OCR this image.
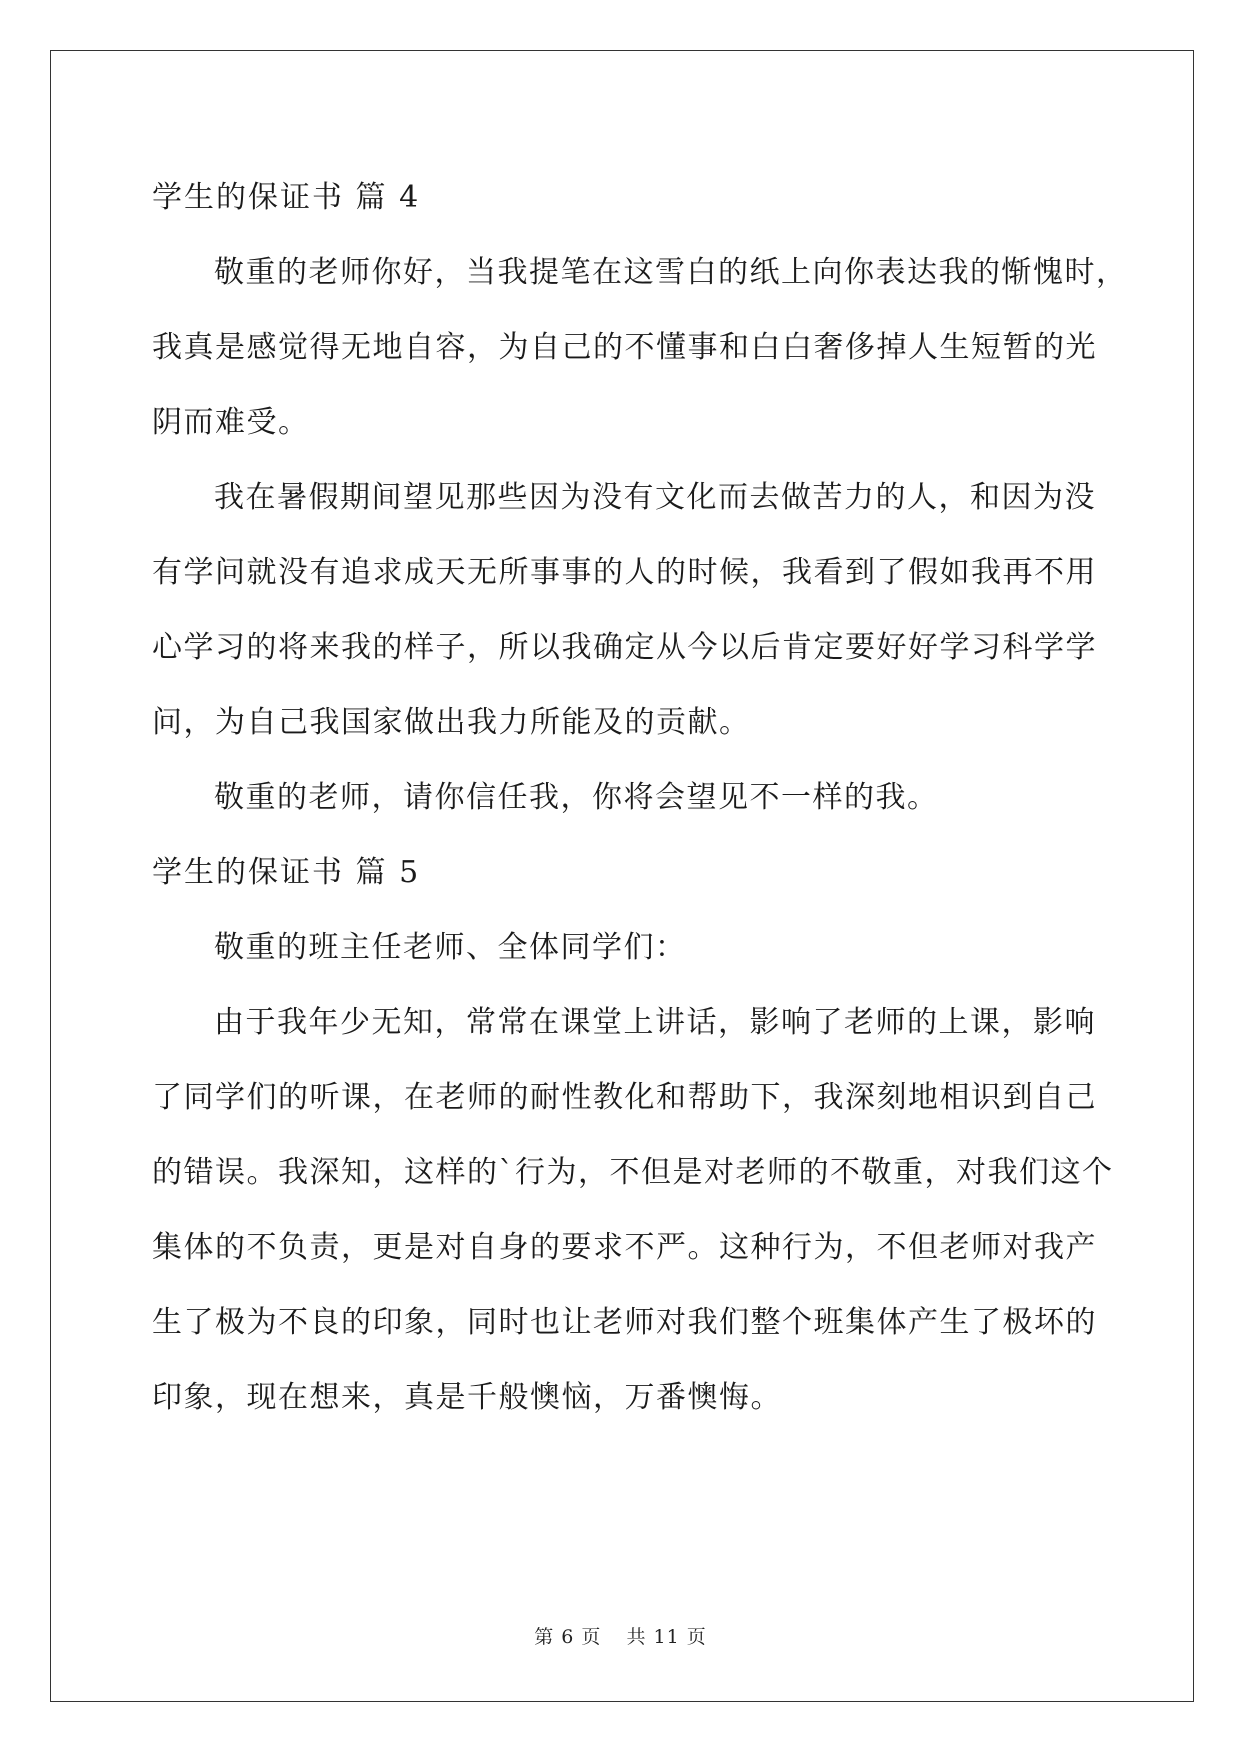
学生的保证书 篇 4
敬重的老师你好，当我提笔在这雪白的纸上向你表达我的惭愧时，
我真是感觉得无地自容，为自己的不懂事和白白奢侈掉人生短暂的光
阴而难受。
我在暑假期间望见那些因为没有文化而去做苦力的人，和因为没
有学问就没有追求成天无所事事的人的时候，我看到了假如我再不用
心学习的将来我的样子，所以我确定从今以后肯定要好好学习科学学
问，为自己我国家做出我力所能及的贡献。
敬重的老师，请你信任我，你将会望见不一样的我。
学生的保证书 篇 5
敬重的班主任老师、全体同学们：
由于我年少无知，常常在课堂上讲话，影响了老师的上课，影响
了同学们的听课，在老师的耐性教化和帮助下，我深刻地相识到自己
的错误。我深知，这样的`行为，不但是对老师的不敬重，对我们这个
集体的不负责，更是对自身的要求不严。这种行为，不但老师对我产
生了极为不良的印象，同时也让老师对我们整个班集体产生了极坏的
印象，现在想来，真是千般懊恼，万番懊悔。
第 6 页 共 11 页
